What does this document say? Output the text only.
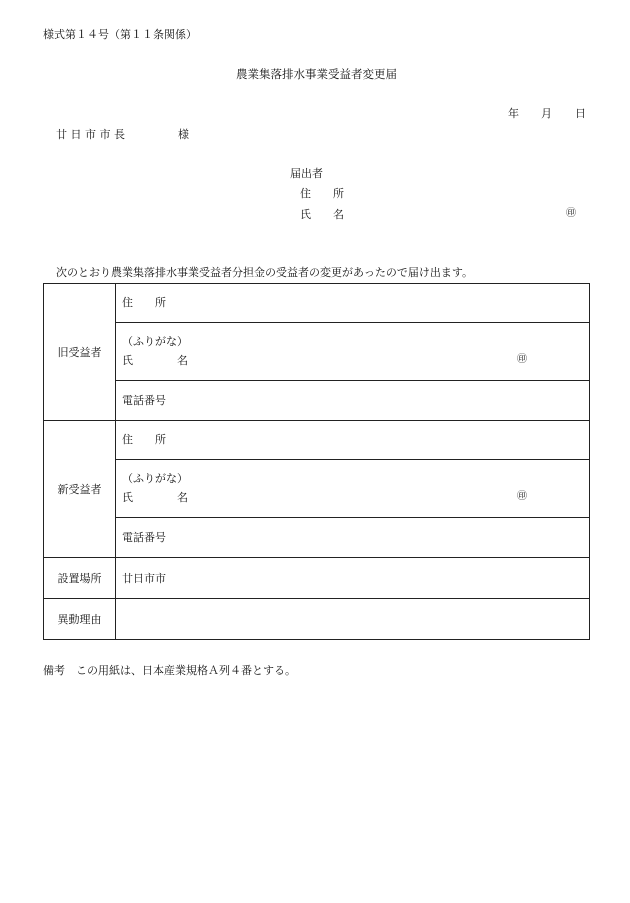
様式第１４号（第１１条関係）
農業集落排水事業受益者変更届
年 月 日
廿 日 市 市 長	様
届出者
住　　所
氏　　名	㊞
次のとおり農業集落排水事業受益者分担金の受益者の変更があったので届け出ます。
旧受益者	住　　所

	（ふりがな）
氏　　　　名 ㊞

	電話番号

新受益者	住　　所

	（ふりがな）
氏　　　　名 ㊞

	電話番号

設置場所	廿日市市

異動理由	
備考　この用紙は、日本産業規格Ａ列４番とする。
